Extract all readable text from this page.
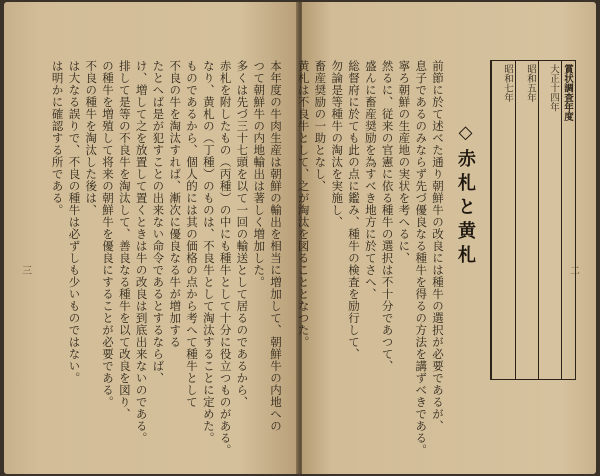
本年度の牛肉生産は朝鮮の輸出を相当に増加して、朝鮮牛の内地への
つて朝鮮牛の内地輸出は著しく増加した。
多くは先づ三十七頭を以て一回の輸送として居るのであるから、
赤札を附したもの（丙種）の中にも種牛として十分に役立つものがある。
なり、黄札の（丁種）のものは、不良牛として淘汰することに定めた。
ものであるから、個人的には其の価格の点から考へて種牛として
不良の牛を淘汰すれば、漸次に優良なる牛が増加する
たとへば是が犯すことの出来ない命令であるとするならば、
け、増して之を放置して置くときは牛の改良は到底出来ないのである。
排して是等の不良牛を淘汰して、善良なる種牛を以て改良を図り、
の種牛を増殖して将来の朝鮮牛を優良にすることが必要である。
不良の種牛を淘汰した後は、
は大なる誤りで、不良の種牛は必ずしも少いものではない。
は明かに確認する所である。
三	前節に於て述べた通り朝鮮牛の改良には種牛の選択が必要であるが、
息子であるのみならず先づ優良なる種牛を得るの方法を講ずべきである。
寧ろ朝鮮の生産地の実状を考へるに、
然るに、従来の官憲に依る種牛の選択は不十分であつて、
盛んに畜産奨励を為すべき地方に於てさへ、
総督府に於ても此の点に鑑み、種牛の検査を励行して、
勿論是等種牛の淘汰を実施し、
畜産奨励の一助となし、
黄札は不良牛として、之が淘汰を図ることとなつた。	◇赤札と黄札
賞状調査年度
大正十四年
昭和五年
昭和七年
二
